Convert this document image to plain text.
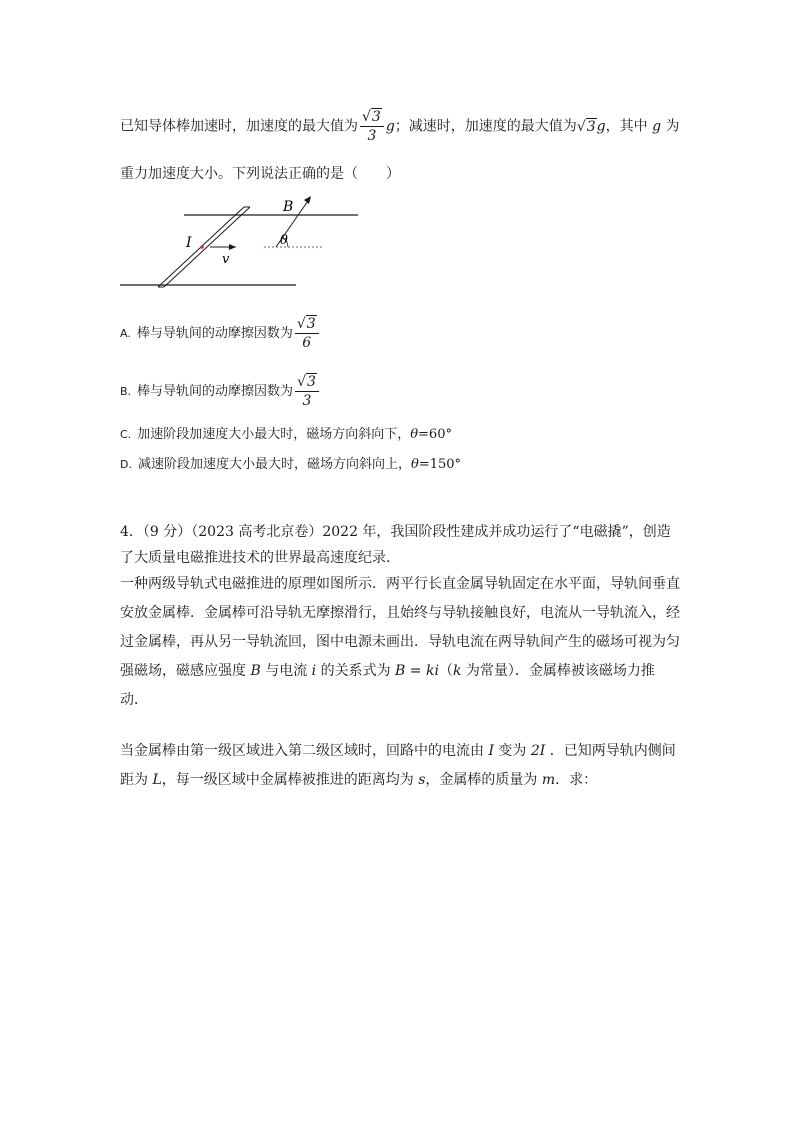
已知导体棒加速时，加速度的最大值为 $\frac{√3}{3}$ g；减速时，加速度的最大值为√3g，其中 g 为
重力加速度大小。下列说法正确的是（　　）
B
I
v
θ
A. 棒与导轨间的动摩擦因数为 $\frac{√3}{6}$
B. 棒与导轨间的动摩擦因数为 $\frac{√3}{3}$
C. 加速阶段加速度大小最大时，磁场方向斜向下，θ=60°
D. 减速阶段加速度大小最大时，磁场方向斜向上，θ=150°
4．（9 分）（2023 高考北京卷）2022 年，我国阶段性建成并成功运行了“电磁撬”，创造
了大质量电磁推进技术的世界最高速度纪录．
一种两级导轨式电磁推进的原理如图所示．两平行长直金属导轨固定在水平面，导轨间垂直
安放金属棒．金属棒可沿导轨无摩擦滑行，且始终与导轨接触良好，电流从一导轨流入，经
过金属棒，再从另一导轨流回，图中电源未画出．导轨电流在两导轨间产生的磁场可视为匀
强磁场，磁感应强度 B 与电流 i 的关系式为 B = ki（k 为常量）．金属棒被该磁场力推
动．
当金属棒由第一级区域进入第二级区域时，回路中的电流由 I 变为 2I ．已知两导轨内侧间
距为 L，每一级区域中金属棒被推进的距离均为 s，金属棒的质量为 m．求：
